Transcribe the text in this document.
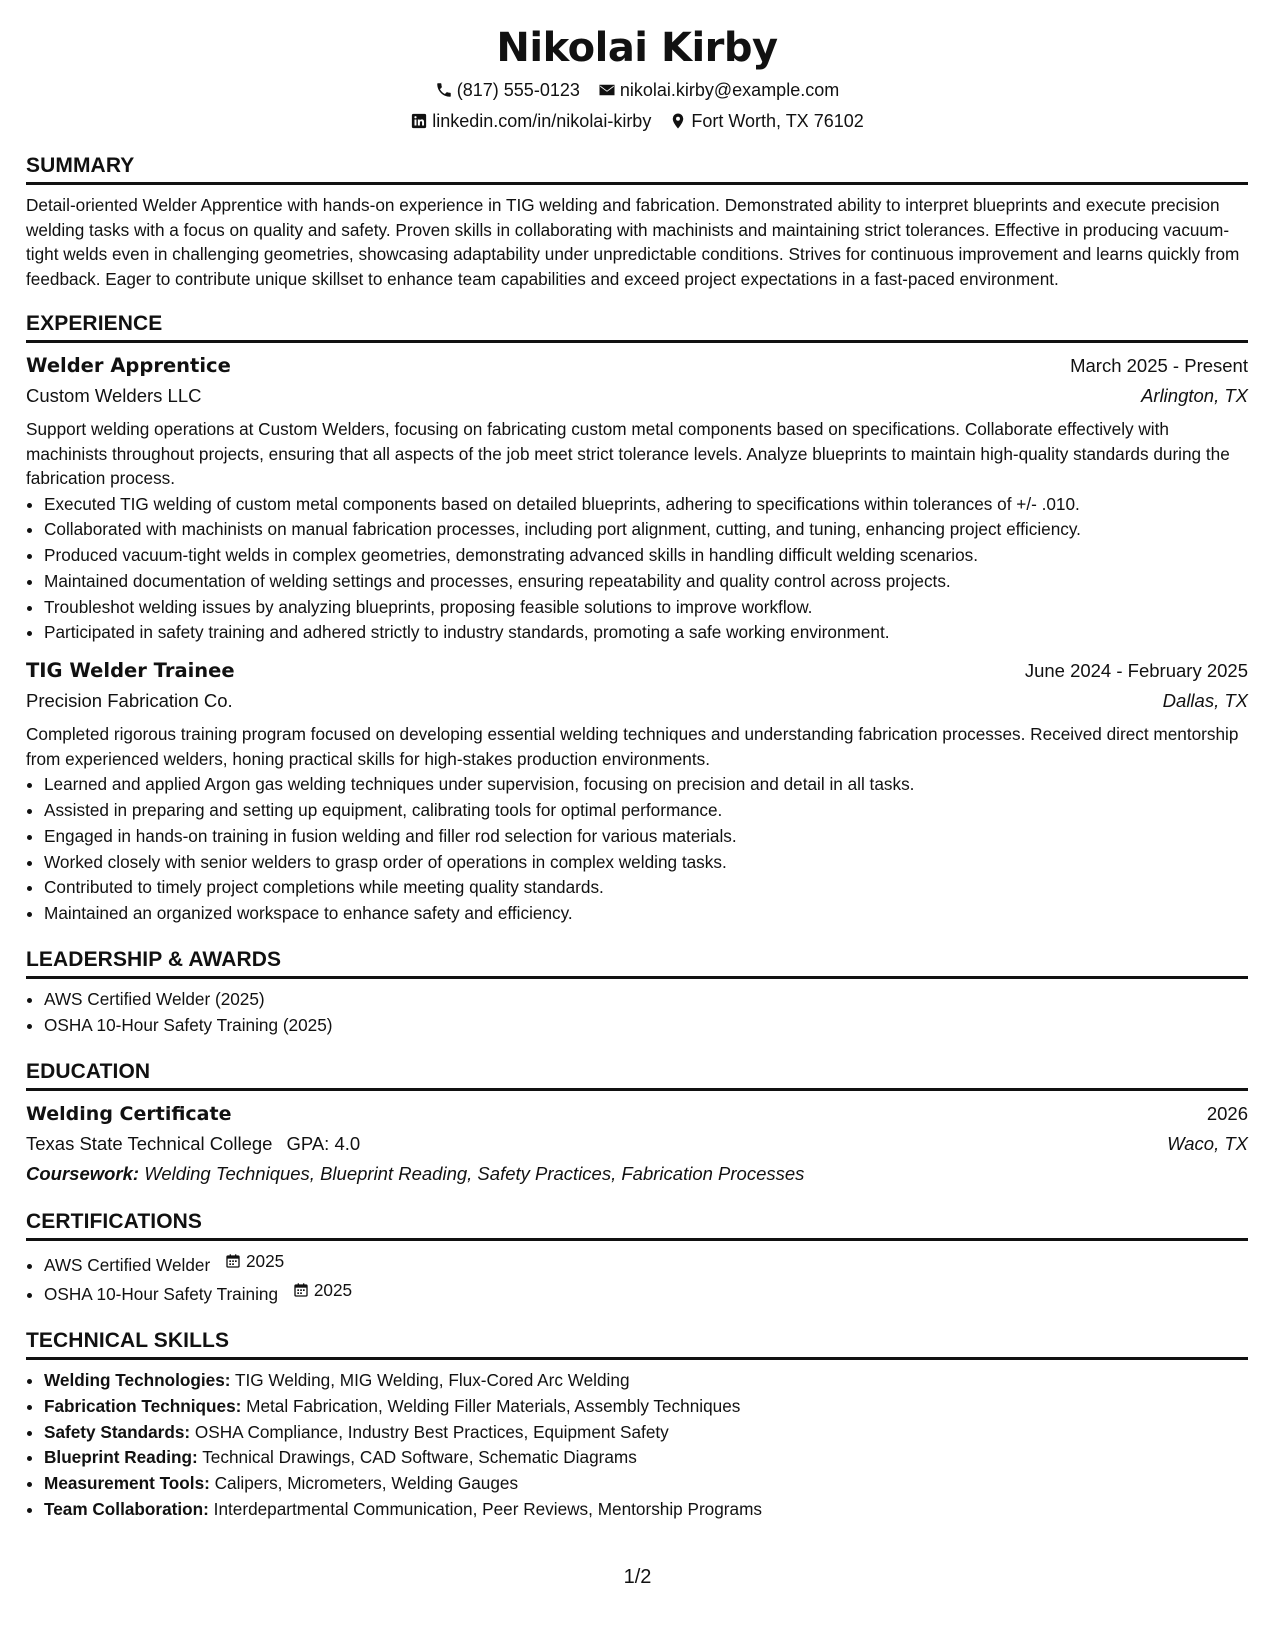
Nikolai Kirby
(817) 555-0123 nikolai.kirby@example.com
linkedin.com/in/nikolai-kirby Fort Worth, TX 76102
SUMMARY

Detail-oriented Welder Apprentice with hands-on experience in TIG welding and fabrication. Demonstrated ability to interpret blueprints and execute precision welding tasks with a focus on quality and safety. Proven skills in collaborating with machinists and maintaining strict tolerances. Effective in producing vacuum-tight welds even in challenging geometries, showcasing adaptability under unpredictable conditions. Strives for continuous improvement and learns quickly from feedback. Eager to contribute unique skillset to enhance team capabilities and exceed project expectations in a fast-paced environment.

EXPERIENCE
Welder Apprentice	March 2025 - Present
Custom Welders LLC	Arlington, TX

Support welding operations at Custom Welders, focusing on fabricating custom metal components based on specifications. Collaborate effectively with machinists throughout projects, ensuring that all aspects of the job meet strict tolerance levels. Analyze blueprints to maintain high-quality standards during the fabrication process.

• Executed TIG welding of custom metal components based on detailed blueprints, adhering to specifications within tolerances of +/- .010.
• Collaborated with machinists on manual fabrication processes, including port alignment, cutting, and tuning, enhancing project efficiency.
• Produced vacuum-tight welds in complex geometries, demonstrating advanced skills in handling difficult welding scenarios.
• Maintained documentation of welding settings and processes, ensuring repeatability and quality control across projects.
• Troubleshot welding issues by analyzing blueprints, proposing feasible solutions to improve workflow.
• Participated in safety training and adhered strictly to industry standards, promoting a safe working environment.
TIG Welder Trainee	June 2024 - February 2025
Precision Fabrication Co.	Dallas, TX

Completed rigorous training program focused on developing essential welding techniques and understanding fabrication processes. Received direct mentorship from experienced welders, honing practical skills for high-stakes production environments.

• Learned and applied Argon gas welding techniques under supervision, focusing on precision and detail in all tasks.
• Assisted in preparing and setting up equipment, calibrating tools for optimal performance.
• Engaged in hands-on training in fusion welding and filler rod selection for various materials.
• Worked closely with senior welders to grasp order of operations in complex welding tasks.
• Contributed to timely project completions while meeting quality standards.
• Maintained an organized workspace to enhance safety and efficiency.
LEADERSHIP & AWARDS
• AWS Certified Welder (2025)
• OSHA 10-Hour Safety Training (2025)
EDUCATION
Welding Certificate	2026
Texas State Technical College GPA: 4.0	Waco, TX
Coursework: Welding Techniques, Blueprint Reading, Safety Practices, Fabrication Processes
CERTIFICATIONS
• AWS Certified Welder 2025
• OSHA 10-Hour Safety Training 2025
TECHNICAL SKILLS
• Welding Technologies: TIG Welding, MIG Welding, Flux-Cored Arc Welding
• Fabrication Techniques: Metal Fabrication, Welding Filler Materials, Assembly Techniques
• Safety Standards: OSHA Compliance, Industry Best Practices, Equipment Safety
• Blueprint Reading: Technical Drawings, CAD Software, Schematic Diagrams
• Measurement Tools: Calipers, Micrometers, Welding Gauges
• Team Collaboration: Interdepartmental Communication, Peer Reviews, Mentorship Programs
1/2
